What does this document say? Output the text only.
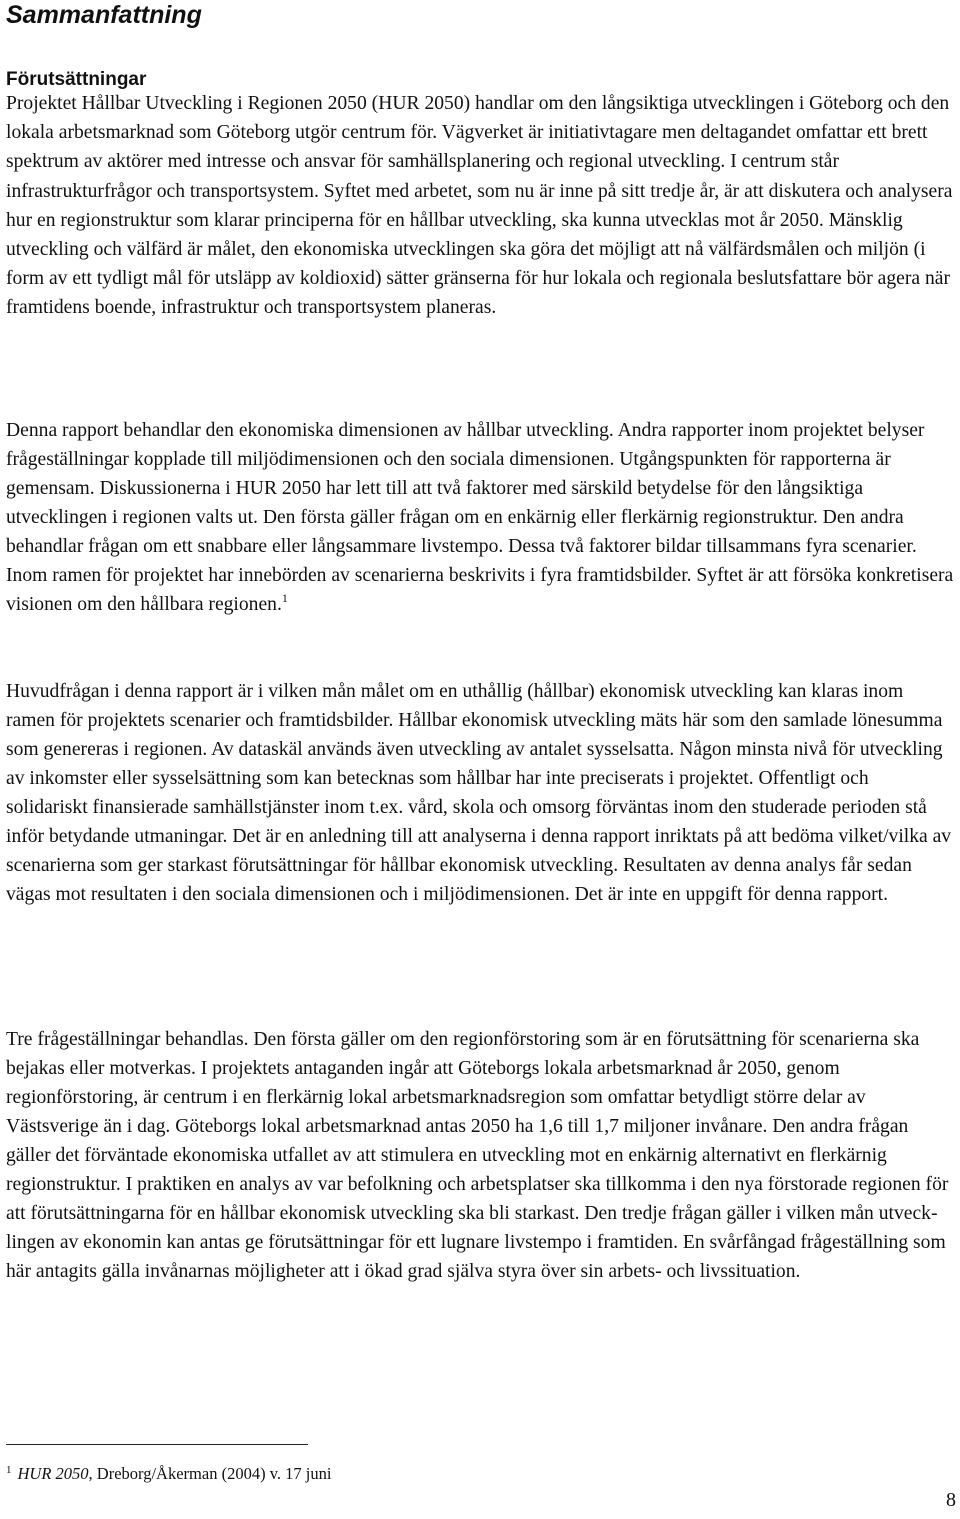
Sammanfattning
Förutsättningar

Projektet Hållbar Utveckling i Regionen 2050 (HUR 2050) handlar om den långsiktiga utvecklingen i Göteborg och den lokala arbetsmarknad som Göteborg utgör centrum för. Vägverket är initiativtagare men deltagandet omfattar ett brett spektrum av aktörer med intresse och ansvar för samhällsplanering och regional utveckling. I centrum står infrastrukturfrågor och transportsystem. Syftet med arbetet, som nu är inne på sitt tredje år, är att diskutera och analysera hur en regionstruktur som klarar principerna för en hållbar utveckling, ska kunna utvecklas mot år 2050. Mänsklig utveckling och välfärd är målet, den ekonomiska utvecklingen ska göra det möjligt att nå välfärdsmålen och miljön (i form av ett tydligt mål för utsläpp av koldioxid) sätter gränserna för hur lokala och regionala beslutsfattare bör agera när framtidens boende, infrastruktur och transportsystem planeras.

Denna rapport behandlar den ekonomiska dimensionen av hållbar utveckling. Andra rapporter inom projektet belyser frågeställningar kopplade till miljödimensionen och den sociala dimensionen. Utgångspunkten för rapporterna är gemensam. Diskussionerna i HUR 2050 har lett till att två faktorer med särskild betydelse för den långsiktiga utvecklingen i regionen valts ut. Den första gäller frågan om en enkärnig eller flerkärnig regionstruktur. Den andra behandlar frågan om ett snabbare eller långsammare livstempo. Dessa två faktorer bildar tillsammans fyra scenarier. Inom ramen för projektet har innebörden av scenarierna beskrivits i fyra framtidsbilder. Syftet är att försöka konkretisera visionen om den hållbara regionen.$^1$

Huvudfrågan i denna rapport är i vilken mån målet om en uthållig (hållbar) ekonomisk utveckling kan klaras inom ramen för projektets scenarier och framtidsbilder. Hållbar ekonomisk utveckling mäts här som den samlade lönesumma som genereras i regionen. Av dataskäl används även utveckling av antalet sysselsatta. Någon minsta nivå för utveckling av inkomster eller sysselsättning som kan betecknas som hållbar har inte preciserats i projektet. Offentligt och solidariskt finansierade samhällstjänster inom t.ex. vård, skola och omsorg förväntas inom den studerade perioden stå inför betydande utmaningar. Det är en anledning till att analyserna i denna rapport inriktats på att bedöma vilket/vilka av scenarierna som ger starkast förutsättningar för hållbar ekonomisk utveckling. Resultaten av denna analys får sedan vägas mot resultaten i den sociala dimensionen och i miljödimensionen. Det är inte en uppgift för denna rapport.

Tre frågeställningar behandlas. Den första gäller om den regionförstoring som är en förutsättning för scenarierna ska bejakas eller motverkas. I projektets antaganden ingår att Göteborgs lokala arbetsmarknad år 2050, genom regionförstoring, är centrum i en flerkärnig lokal arbetsmarknadsregion som omfattar betydligt större delar av Västsverige än i dag. Göteborgs lokal arbetsmarknad antas 2050 ha 1,6 till 1,7 miljoner invånare. Den andra frågan gäller det förväntade ekonomiska utfallet av att stimulera en utveckling mot en enkärnig alternativt en flerkärnig regionstruktur. I praktiken en analys av var befolkning och arbetsplatser ska tillkomma i den nya förstorade regionen för att förutsättningarna för en hållbar ekonomisk utveckling ska bli starkast. Den tredje frågan gäller i vilken mån utveck-lingen av ekonomin kan antas ge förutsättningar för ett lugnare livstempo i framtiden. En svårfångad frågeställning som här antagits gälla invånarnas möjligheter att i ökad grad själva styra över sin arbets- och livssituation.

$^1$ HUR 2050, Dreborg/Åkerman (2004) v. 17 juni
8
